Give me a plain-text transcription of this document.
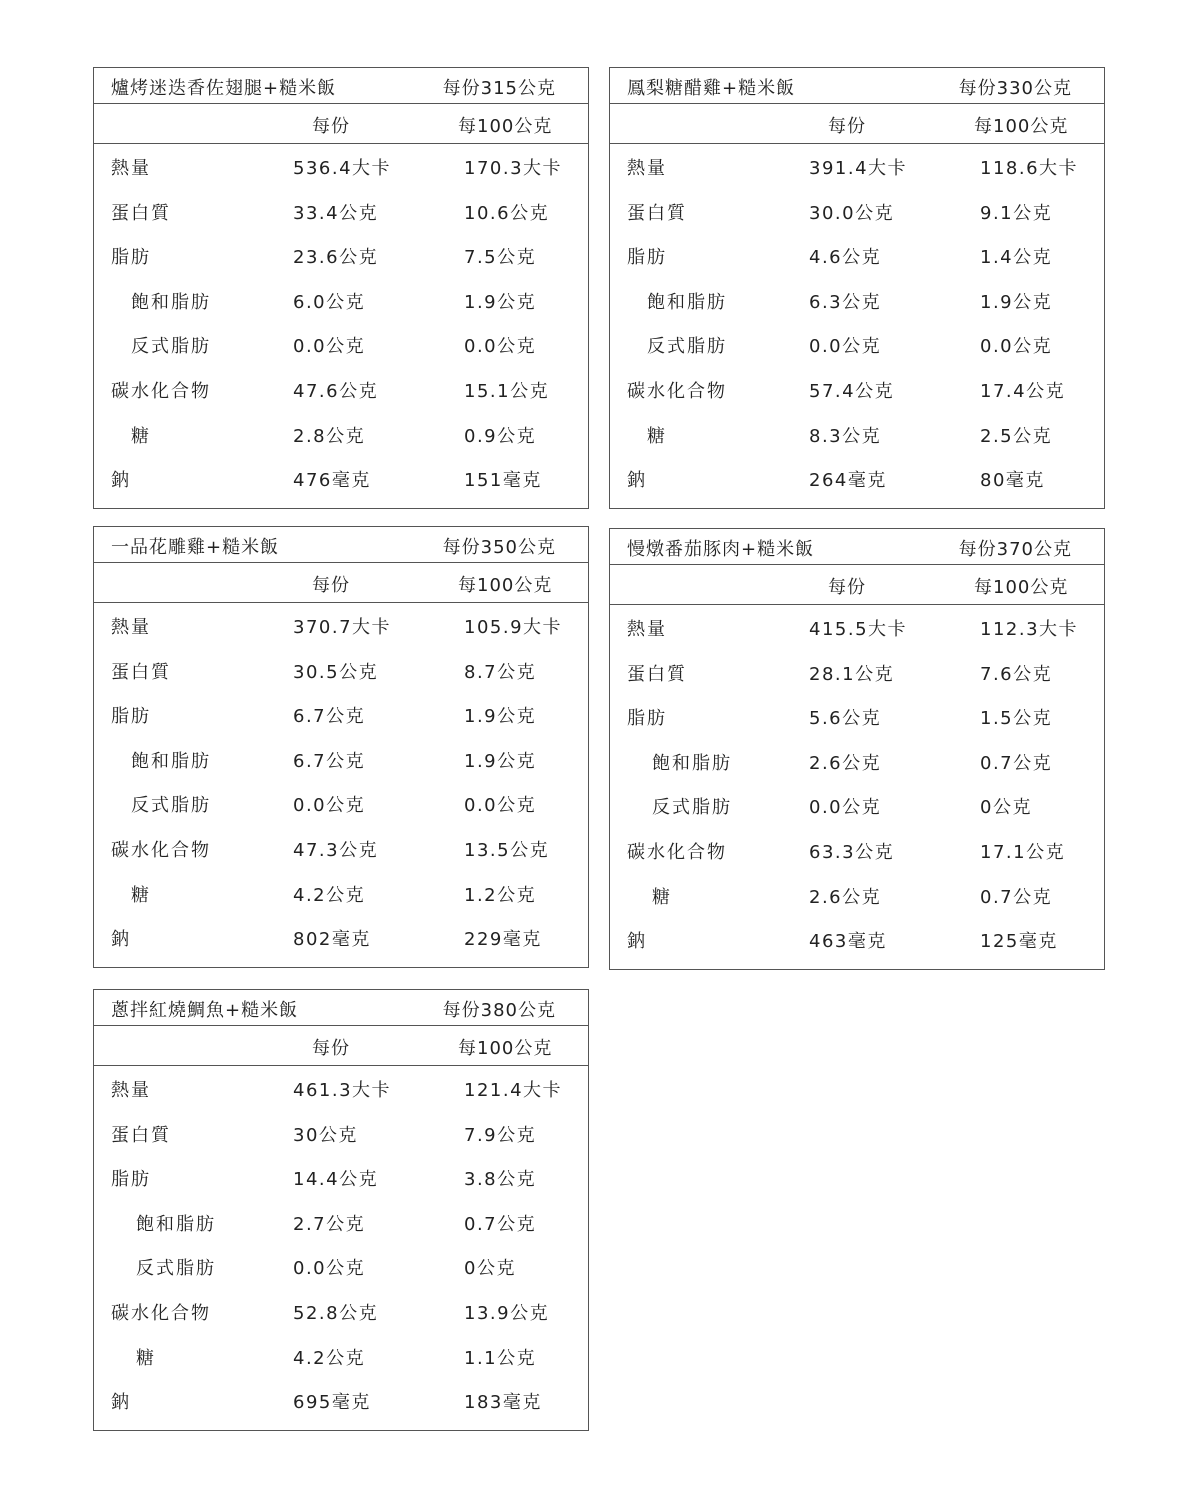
爐烤迷迭香佐翅腿+糙米飯	每份315公克
每份	每100公克
熱量	536.4大卡	170.3大卡
蛋白質	33.4公克	10.6公克
脂肪	23.6公克	7.5公克
飽和脂肪	6.0公克	1.9公克
反式脂肪	0.0公克	0.0公克
碳水化合物	47.6公克	15.1公克
糖	2.8公克	0.9公克
鈉	476毫克	151毫克
鳳梨糖醋雞+糙米飯	每份330公克
每份	每100公克
熱量	391.4大卡	118.6大卡
蛋白質	30.0公克	9.1公克
脂肪	4.6公克	1.4公克
飽和脂肪	6.3公克	1.9公克
反式脂肪	0.0公克	0.0公克
碳水化合物	57.4公克	17.4公克
糖	8.3公克	2.5公克
鈉	264毫克	80毫克
一品花雕雞+糙米飯	每份350公克
每份	每100公克
熱量	370.7大卡	105.9大卡
蛋白質	30.5公克	8.7公克
脂肪	6.7公克	1.9公克
飽和脂肪	6.7公克	1.9公克
反式脂肪	0.0公克	0.0公克
碳水化合物	47.3公克	13.5公克
糖	4.2公克	1.2公克
鈉	802毫克	229毫克
慢燉番茄豚肉+糙米飯	每份370公克
每份	每100公克
熱量	415.5大卡	112.3大卡
蛋白質	28.1公克	7.6公克
脂肪	5.6公克	1.5公克
飽和脂肪	2.6公克	0.7公克
反式脂肪	0.0公克	0公克
碳水化合物	63.3公克	17.1公克
糖	2.6公克	0.7公克
鈉	463毫克	125毫克
蔥拌紅燒鯛魚+糙米飯	每份380公克
每份	每100公克
熱量	461.3大卡	121.4大卡
蛋白質	30公克	7.9公克
脂肪	14.4公克	3.8公克
飽和脂肪	2.7公克	0.7公克
反式脂肪	0.0公克	0公克
碳水化合物	52.8公克	13.9公克
糖	4.2公克	1.1公克
鈉	695毫克	183毫克
